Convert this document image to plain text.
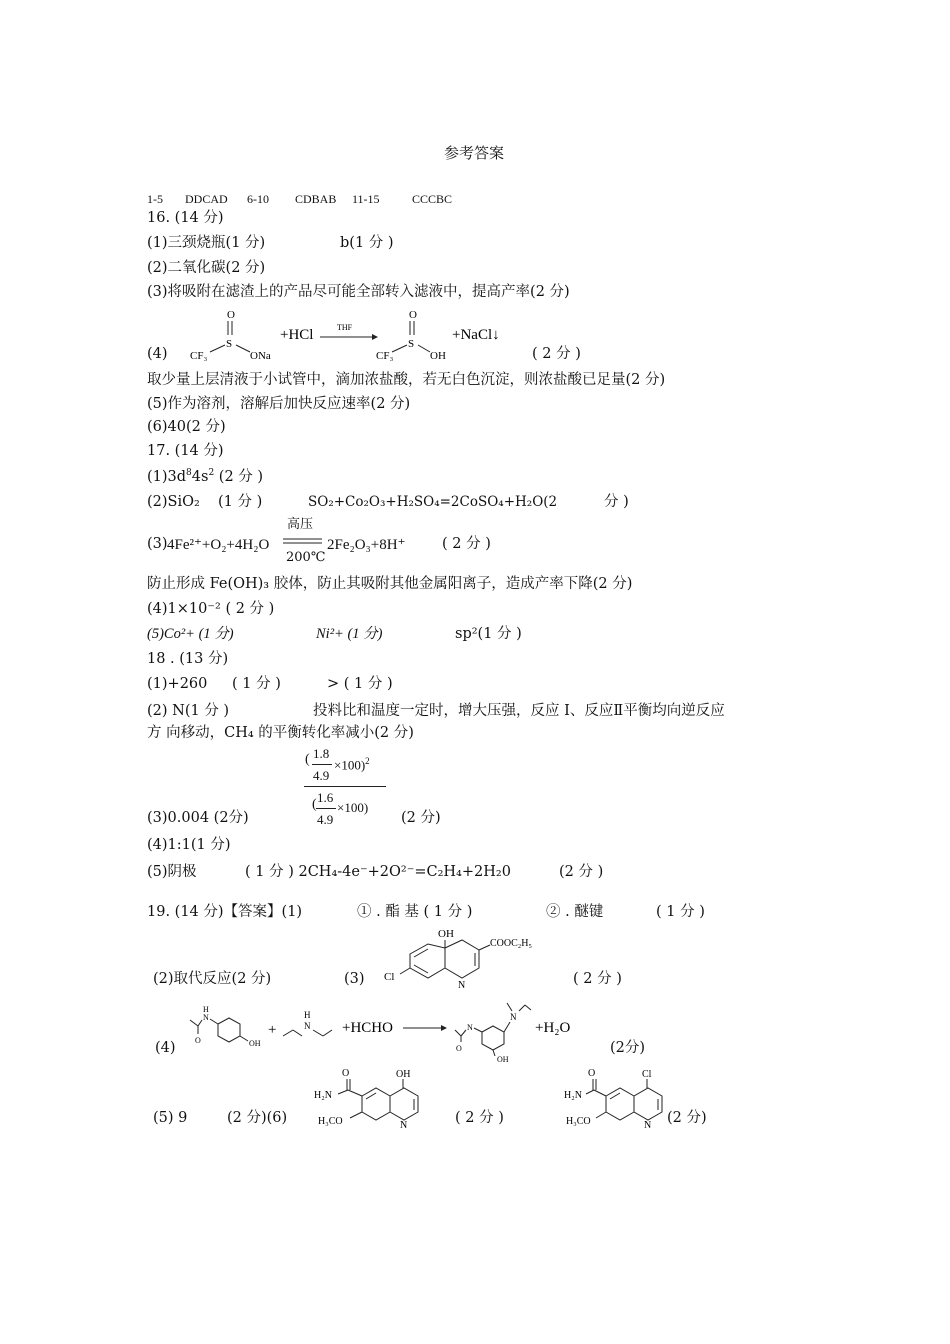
参考答案
1-5 DDCAD 6-10 CDBAB 11-15	CCCBC
16. (14 分)
(1)三颈烧瓶(1 分)	b(1 分 )
(2)二氧化碳(2 分)
(3)将吸附在滤渣上的产品尽可能全部转入滤液中，提高产率(2 分)
(4)
O
S
CF₃	ONa
+HCl	THF
O
S
CF₃	OH
+NaCl↓
( 2 分 )
取少量上层清液于小试管中，滴加浓盐酸，若无白色沉淀，则浓盐酸已足量(2 分)
(5)作为溶剂，溶解后加快反应速率(2 分)
(6)40(2 分)
17. (14 分)
$(1)3d^84s^2$ (2 分 )
(2)SiO₂ (1 分 )	SO₂+Co₂O₃+H₂SO₄=2CoSO₄+H₂O(2	分 )
(3) 4Fe²⁺+O₂+4H₂O
高压
200℃
2Fe₂O₃+8H⁺	( 2 分 )
防止形成 Fe(OH)₃ 胶体，防止其吸附其他金属阳离子，造成产率下降(2 分)
(4)1×10⁻² ( 2 分 )
(5)Co²+ (1 分)	Ni²+ (1 分)	sp²(1 分 )
18 . (13 分)
(1)+260 ( 1 分 )	> ( 1 分 )
(2) N(1 分 )	投料比和温度一定时，增大压强，反应 I、反应Ⅱ平衡均向逆反应
方 向移动，CH₄ 的平衡转化率减小(2 分)
(3)0.004 (2分)
( 1.8
4.9
×100)$^2$
( 1.6
4.9
×100)
(2 分)
(4)1:1(1 分)
(5)阴极	( 1 分 ) 2CH₄-4e⁻+2O²⁻=C₂H₄+2H₂0	(2 分 )
19. (14 分)【答案】(1)	① . 酯 基 ( 1 分 )	② . 醚键	( 1 分 )
(2)取代反应(2 分)	(3)
OH
COOC₂H₅
Cl
N	( 2 分 )
(4)
H
N
O	OH
+
H
N +HCHO
O
N
OH
N
+H₂O
(2分)
(5) 9	(2 分)(6)
OH
O
H₂N
H₃CO	N	( 2 分 )
Cl
O
H₂N
H₃CO	N (2 分)
